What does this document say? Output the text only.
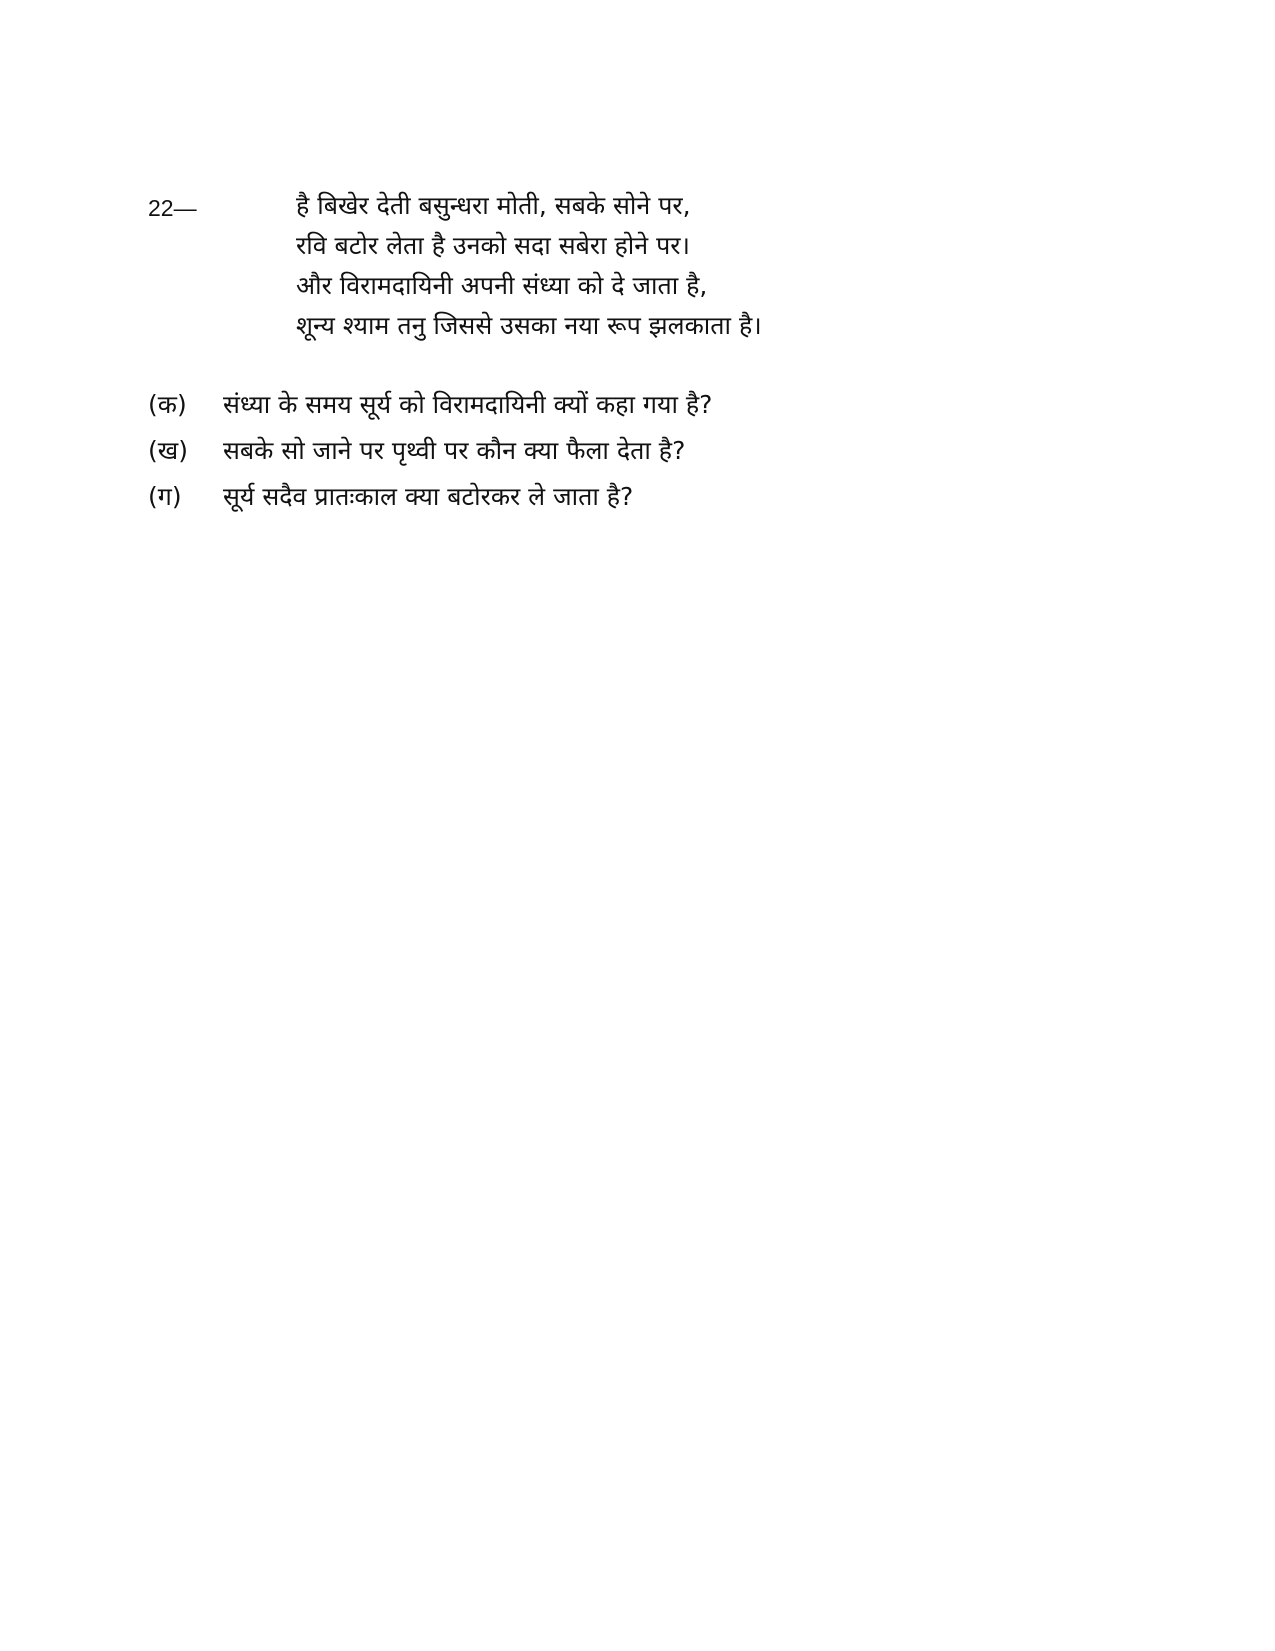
22—	है बिखेर देती बसुन्धरा मोती, सबके सोने पर,
रवि बटोर लेता है उनको सदा सबेरा होने पर।
और विरामदायिनी अपनी संध्या को दे जाता है,
शून्य श्याम तनु जिससे उसका नया रूप झलकाता है।
(क) संध्या के समय सूर्य को विरामदायिनी क्यों कहा गया है?
(ख) सबके सो जाने पर पृथ्वी पर कौन क्या फैला देता है?
(ग) सूर्य सदैव प्रातःकाल क्या बटोरकर ले जाता है?
